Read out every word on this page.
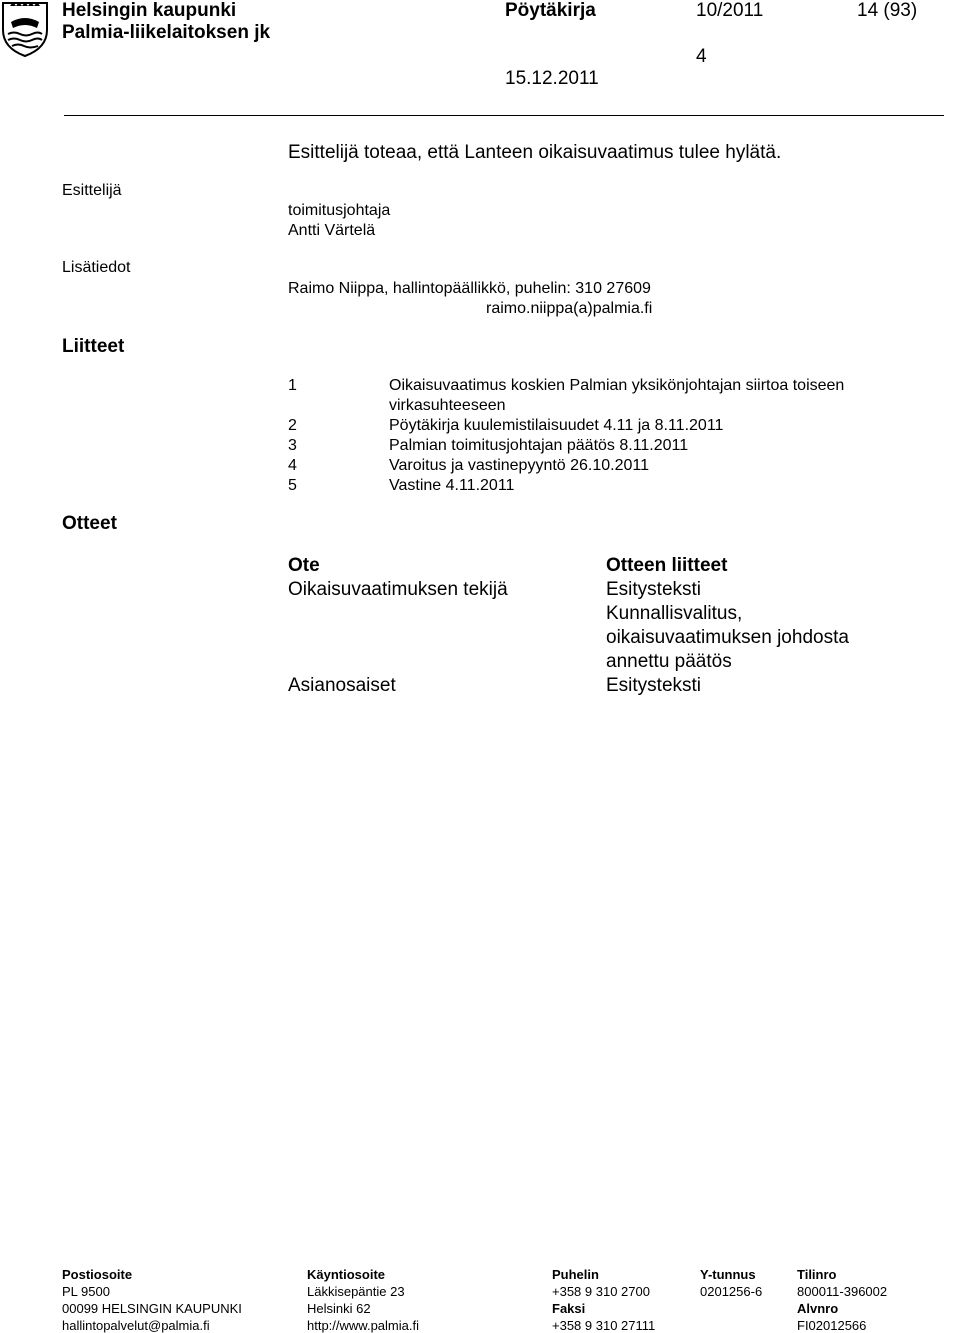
Helsingin kaupunki
Palmia-liikelaitoksen jk
Pöytäkirja	10/2011	14 (93)
4
15.12.2011
Esittelijä toteaa, että Lanteen oikaisuvaatimus tulee hylätä.
Esittelijä
toimitusjohtaja
Antti Värtelä
Lisätiedot
Raimo Niippa, hallintopäällikkö, puhelin: 310 27609
raimo.niippa(a)palmia.fi
Liitteet
1	Oikaisuvaatimus koskien Palmian yksikönjohtajan siirtoa toiseen
virkasuhteeseen
2	Pöytäkirja kuulemistilaisuudet 4.11 ja 8.11.2011
3	Palmian toimitusjohtajan päätös 8.11.2011
4	Varoitus ja vastinepyyntö 26.10.2011
5	Vastine 4.11.2011
Otteet
Ote	Otteen liitteet
Oikaisuvaatimuksen tekijä	Esitysteksti
Kunnallisvalitus,
oikaisuvaatimuksen johdosta
annettu päätös
Asianosaiset	Esitysteksti
Postiosoite
PL 9500
00099 HELSINGIN KAUPUNKI
hallintopalvelut@palmia.fi
Käyntiosoite
Läkkisepäntie 23
Helsinki 62
http://www.palmia.fi
Puhelin
+358 9 310 2700
Faksi
+358 9 310 27111
Y-tunnus
0201256-6
Tilinro
800011-396002
Alvnro
FI02012566
